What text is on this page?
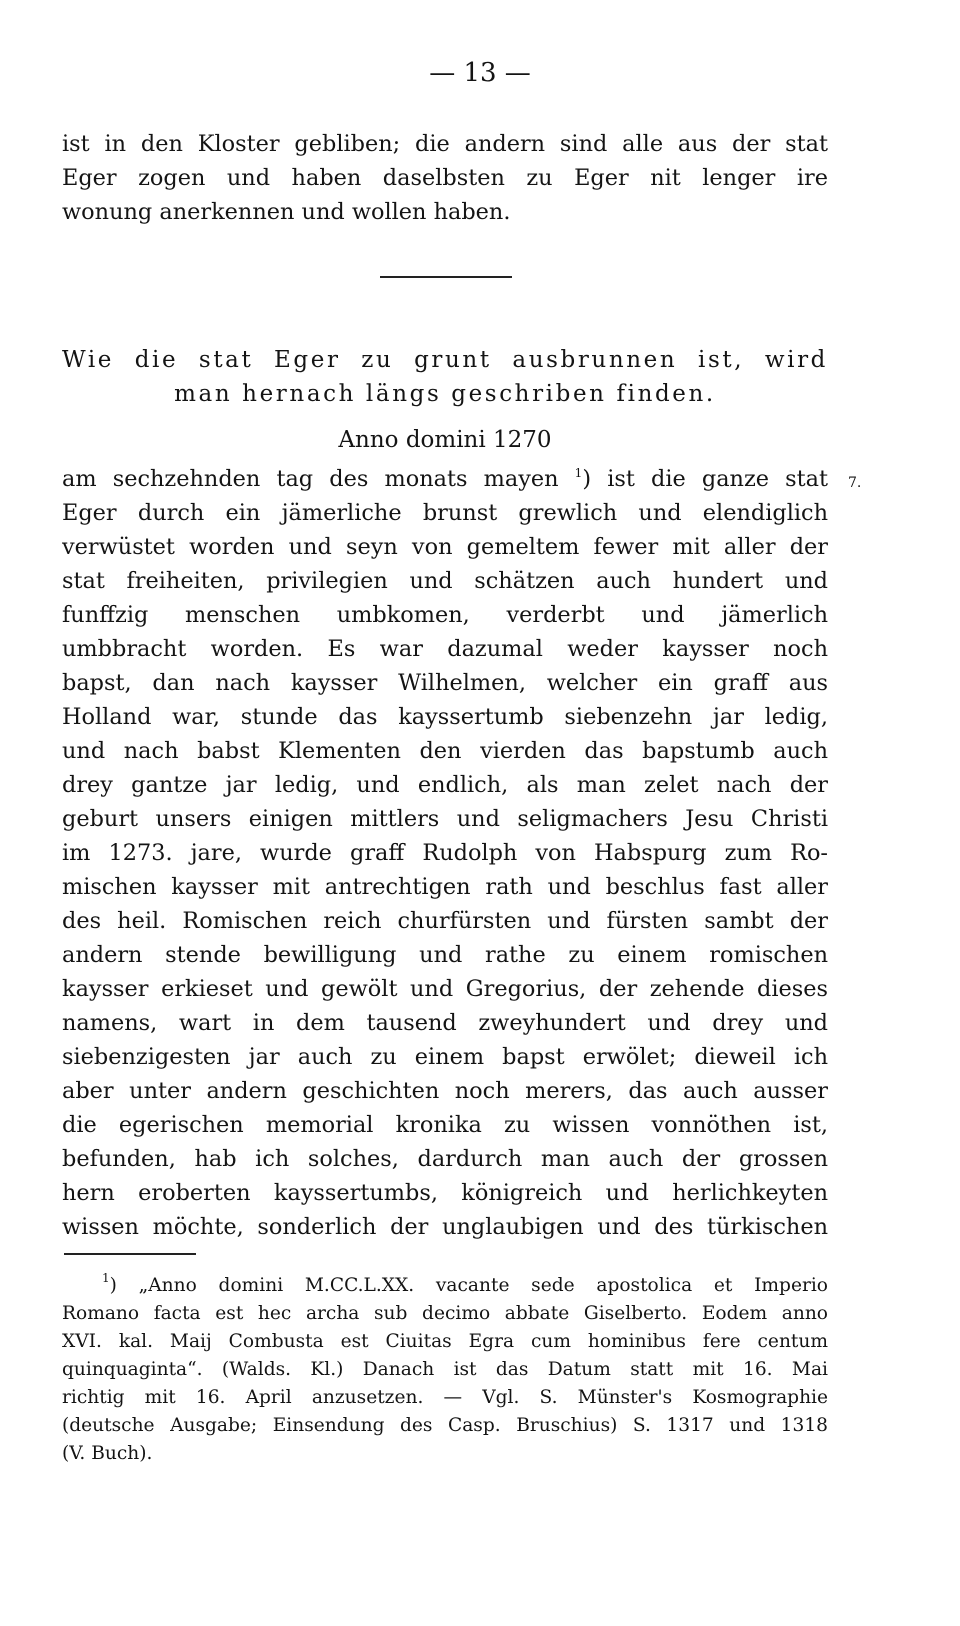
— 13 —
ist in den Kloster gebliben; die andern sind alle aus der stat
Eger zogen und haben daselbsten zu Eger nit lenger ire
wonung anerkennen und wollen haben.
Wie die stat Eger zu grunt ausbrunnen ist, wird
man hernach längs geschriben finden.
Anno domini 1270
7.
am sechzehnden tag des monats mayen $^1$) ist die ganze stat
Eger durch ein jämerliche brunst grewlich und elendiglich
verwüstet worden und seyn von gemeltem fewer mit aller der
stat freiheiten, privilegien und schätzen auch hundert und
funffzig menschen umbkomen, verderbt und jämerlich
umbbracht worden. Es war dazumal weder kaysser noch
bapst, dan nach kaysser Wilhelmen, welcher ein graff aus
Holland war, stunde das kayssertumb siebenzehn jar ledig,
und nach babst Klementen den vierden das bapstumb auch
drey gantze jar ledig, und endlich, als man zelet nach der
geburt unsers einigen mittlers und seligmachers Jesu Christi
im 1273. jare, wurde graff Rudolph von Habspurg zum Ro-
mischen kaysser mit antrechtigen rath und beschlus fast aller
des heil. Romischen reich churfürsten und fürsten sambt der
andern stende bewilligung und rathe zu einem romischen
kaysser erkieset und gewölt und Gregorius, der zehende dieses
namens, wart in dem tausend zweyhundert und drey und
siebenzigesten jar auch zu einem bapst erwölet; dieweil ich
aber unter andern geschichten noch merers, das auch ausser
die egerischen memorial kronika zu wissen vonnöthen ist,
befunden, hab ich solches, dardurch man auch der grossen
hern eroberten kayssertumbs, königreich und herlichkeyten
wissen möchte, sonderlich der unglaubigen und des türkischen
$^1$) „Anno domini M.CC.L.XX. vacante sede apostolica et Imperio
Romano facta est hec archa sub decimo abbate Giselberto. Eodem anno
XVI. kal. Maij Combusta est Ciuitas Egra cum hominibus fere centum
quinquaginta“. (Walds. Kl.) Danach ist das Datum statt mit 16. Mai
richtig mit 16. April anzusetzen. — Vgl. S. Münster's Kosmographie
(deutsche Ausgabe; Einsendung des Casp. Bruschius) S. 1317 und 1318
(V. Buch).
